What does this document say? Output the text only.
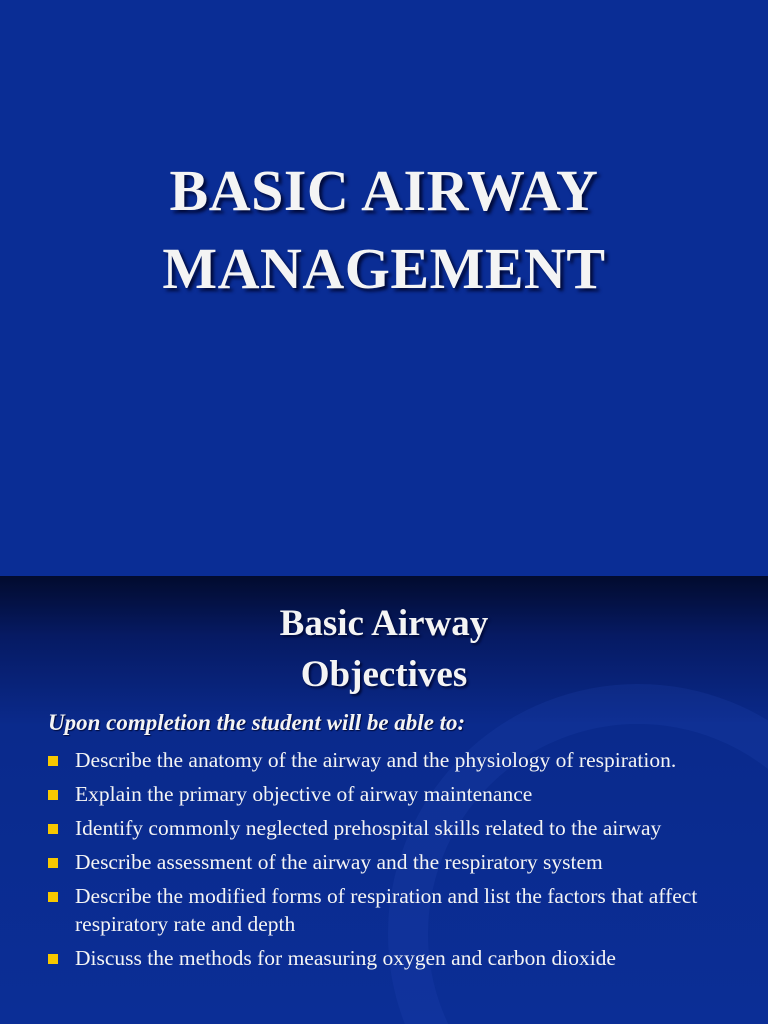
BASIC AIRWAY
MANAGEMENT
Basic Airway
Objectives
Upon completion the student will be able to:
Describe the anatomy of the airway and the physiology of respiration.
Explain the primary objective of airway maintenance
Identify commonly neglected prehospital skills related to the airway
Describe assessment of the airway and the respiratory system
Describe the modified forms of respiration and list the factors that affect respiratory rate and depth
Discuss the methods for measuring oxygen and carbon dioxide
